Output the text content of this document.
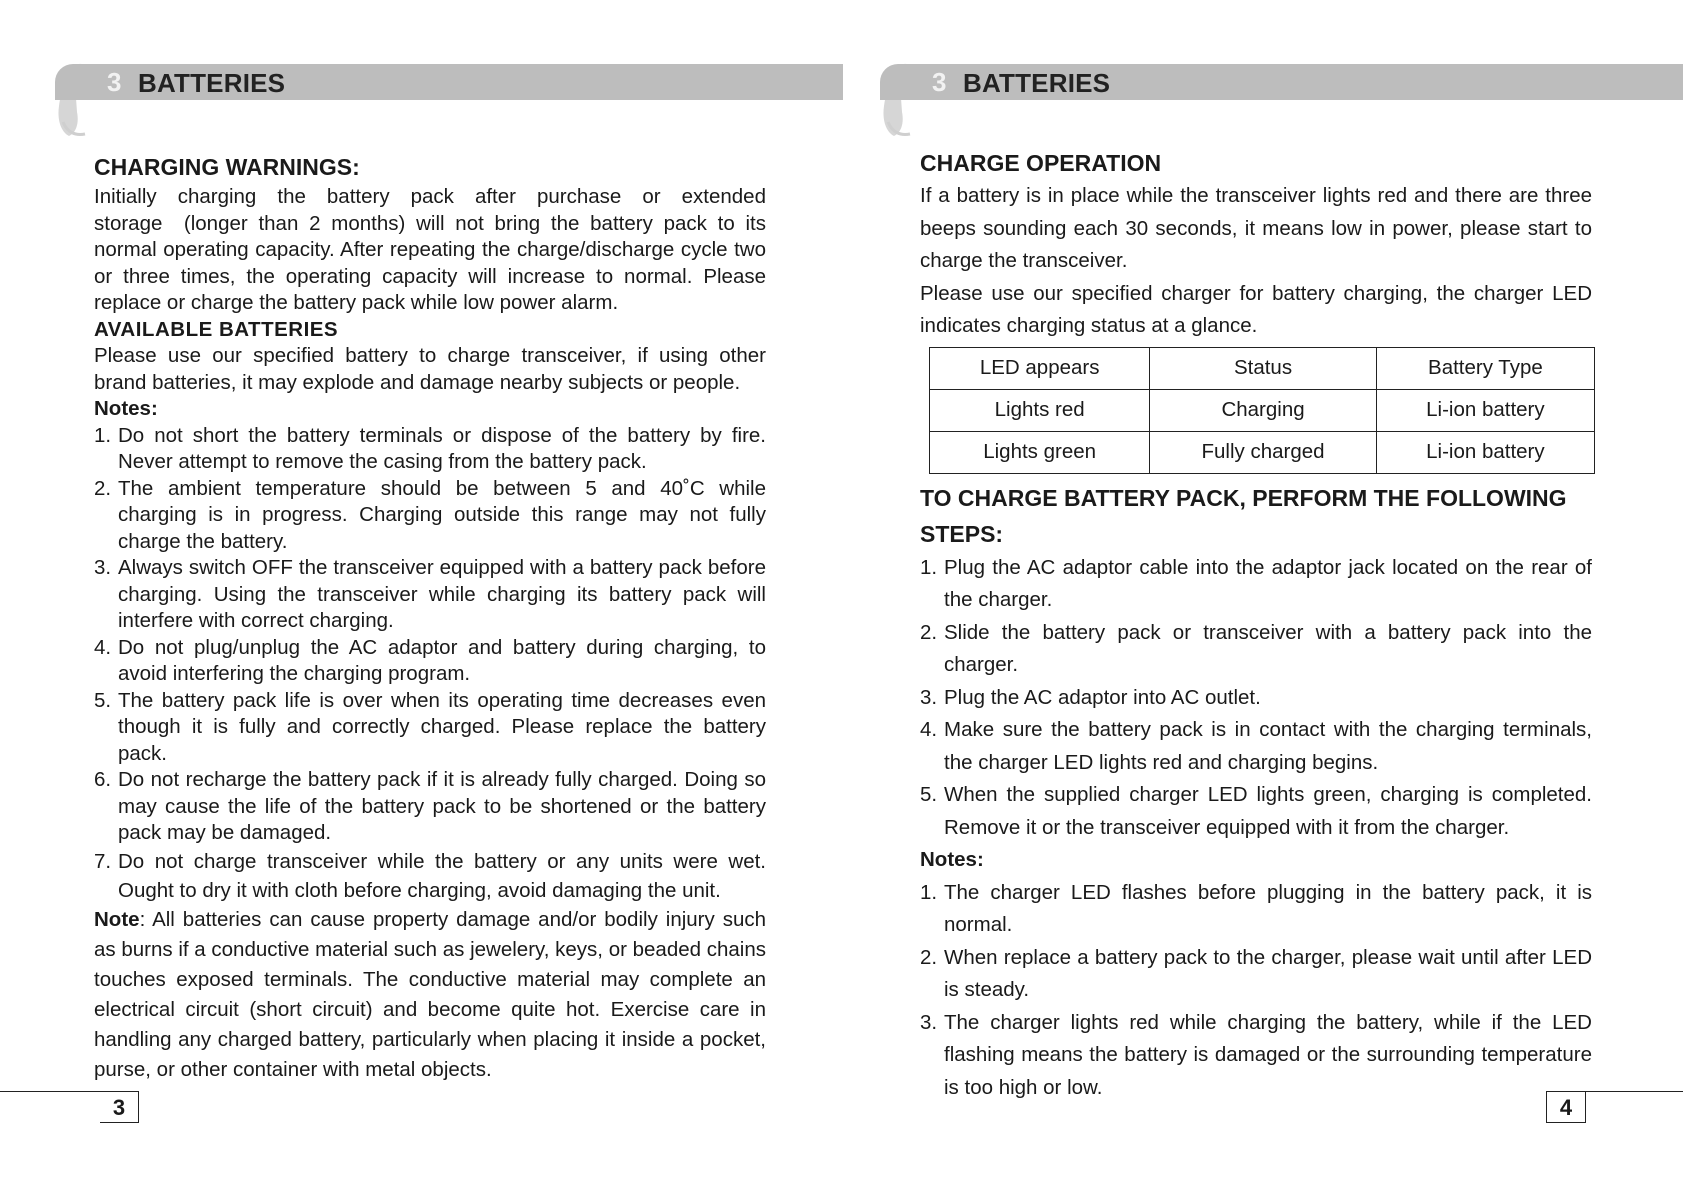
3 BATTERIES
CHARGING WARNINGS:

Initially charging the battery pack after purchase or extended storage  (longer than 2 months) will not bring the battery pack to its normal operating capacity. After repeating the charge/discharge cycle two or three times, the operating capacity will increase to normal. Please replace or charge the battery pack while low power alarm.

AVAILABLE BATTERIES

Please use our specified battery to charge transceiver, if using other brand batteries, it may explode and damage nearby subjects or people.

Notes:

1. Do not short the battery terminals or dispose of the battery by fire. Never attempt to remove the casing from the battery pack.
2. The ambient temperature should be between 5 and 40˚C while charging is in progress. Charging outside this range may not fully charge the battery.
3. Always switch OFF the transceiver equipped with a battery pack before charging. Using the transceiver while charging its battery pack will interfere with correct charging.
4. Do not plug/unplug the AC adaptor and battery during charging, to avoid interfering the charging program.
5. The battery pack life is over when its operating time decreases even though it is fully and correctly charged. Please replace the battery pack.
6. Do not recharge the battery pack if it is already fully charged. Doing so may cause the life of the battery pack to be shortened or the battery pack may be damaged.
7. Do not charge transceiver while the battery or any units were wet. Ought to dry it with cloth before charging, avoid damaging the unit.

Note: All batteries can cause property damage and/or bodily injury such as burns if a conductive material such as jewelery, keys, or beaded chains touches exposed terminals. The conductive material may complete an electrical circuit (short circuit) and become quite hot. Exercise care in handling any charged battery, particularly when placing it inside a pocket, purse, or other container with metal objects.

3
3 BATTERIES
CHARGE OPERATION

If a battery is in place while the transceiver lights red and there are three beeps sounding each 30 seconds, it means low in power, please start to charge the transceiver.

Please use our specified charger for battery charging, the charger LED indicates charging status at a glance.

LED appears	Status	Battery Type
Lights red	Charging	Li-ion battery
Lights green	Fully charged	Li-ion battery

TO CHARGE BATTERY PACK, PERFORM THE FOLLOWING STEPS:

1. Plug the AC adaptor cable into the adaptor jack located on the rear of the charger.
2. Slide the battery pack or transceiver with a battery pack into the charger.
3. Plug the AC adaptor into AC outlet.
4. Make sure the battery pack is in contact with the charging terminals, the charger LED lights red and charging begins.
5. When the supplied charger LED lights green, charging is completed. Remove it or the transceiver equipped with it from the charger.

Notes:

1. The charger LED flashes before plugging in the battery pack, it is normal.
2. When replace a battery pack to the charger, please wait until after LED is steady.
3. The charger lights red while charging the battery, while if the LED flashing means the battery is damaged or the surrounding temperature is too high or low.
4
